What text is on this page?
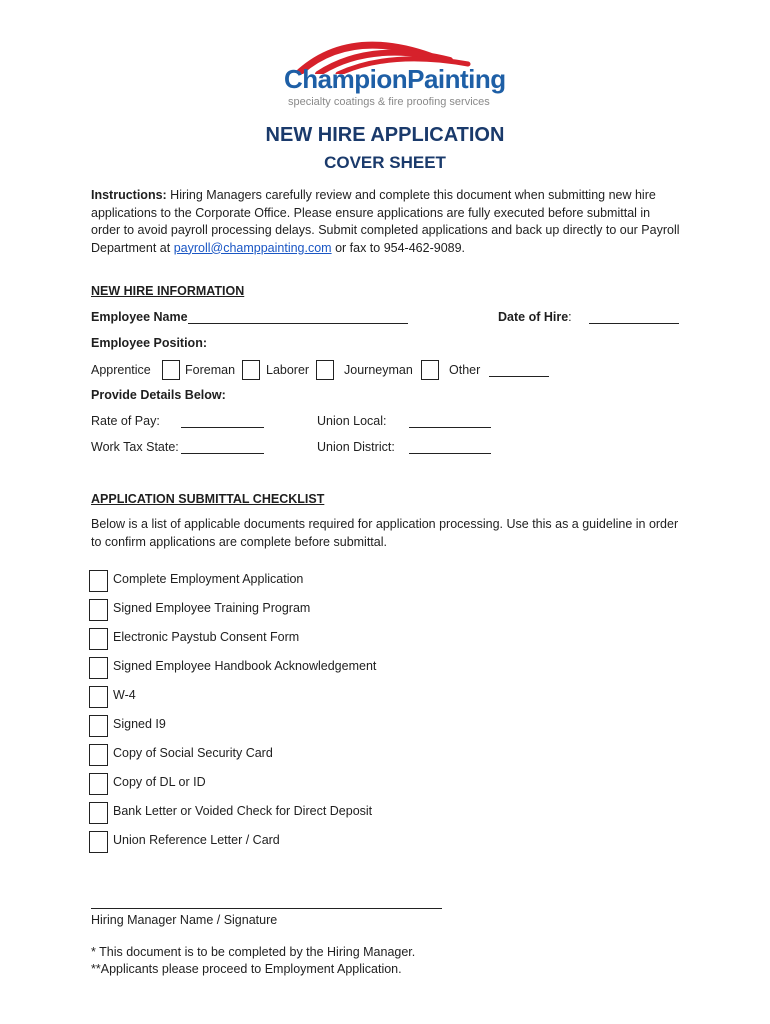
ChampionPainting
specialty coatings & fire proofing services
NEW HIRE APPLICATION
COVER SHEET
Instructions: Hiring Managers carefully review and complete this document when submitting new hire applications to the Corporate Office. Please ensure applications are fully executed before submittal in order to avoid payroll processing delays. Submit completed applications and back up directly to our Payroll Department at payroll@champpainting.com or fax to 954-462-9089.
NEW HIRE INFORMATION
Employee Name	Date of Hire:
Employee Position:
Apprentice	Foreman Laborer	Journeyman	Other
Provide Details Below:
Rate of Pay:	Union Local:
Work Tax State:	Union District:
APPLICATION SUBMITTAL CHECKLIST
Below is a list of applicable documents required for application processing. Use this as a guideline in order to confirm applications are complete before submittal.
Complete Employment Application
Signed Employee Training Program
Electronic Paystub Consent Form
Signed Employee Handbook Acknowledgement
W-4
Signed I9
Copy of Social Security Card
Copy of DL or ID
Bank Letter or Voided Check for Direct Deposit
Union Reference Letter / Card
Hiring Manager Name / Signature
* This document is to be completed by the Hiring Manager.
**Applicants please proceed to Employment Application.
